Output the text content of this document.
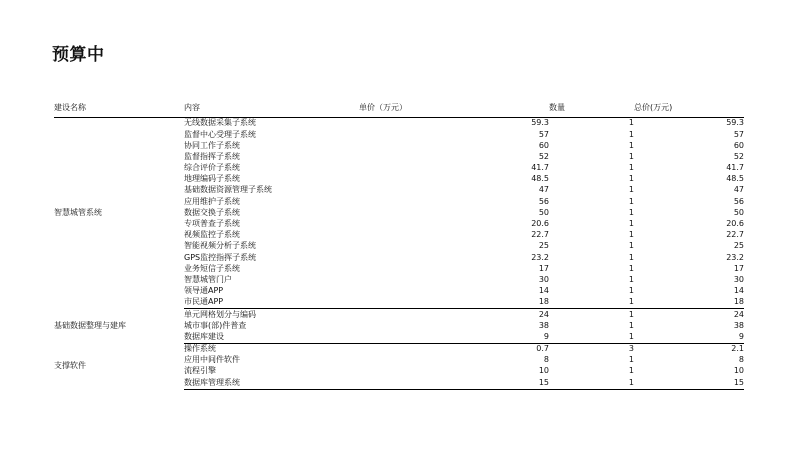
预算中
建设名称	内容	单价（万元）	数量	总价(万元)
智慧城管系统	无线数据采集子系统	59.3	1	59.3
	监督中心受理子系统	57	1	57
	协同工作子系统	60	1	60
	监督指挥子系统	52	1	52
	综合评价子系统	41.7	1	41.7
	地理编码子系统	48.5	1	48.5
	基础数据资源管理子系统	47	1	47
	应用维护子系统	56	1	56
	数据交换子系统	50	1	50
	专项普查子系统	20.6	1	20.6
	视频监控子系统	22.7	1	22.7
	智能视频分析子系统	25	1	25
	GPS监控指挥子系统	23.2	1	23.2
	业务短信子系统	17	1	17
	智慧城管门户	30	1	30
	领导通APP	14	1	14
	市民通APP	18	1	18
基础数据整理与建库	单元网格划分与编码	24	1	24
	城市事(部)件普查	38	1	38
	数据库建设	9	1	9
支撑软件	操作系统	0.7	3	2.1
	应用中间件软件	8	1	8
	流程引擎	10	1	10
	数据库管理系统	15	1	15
